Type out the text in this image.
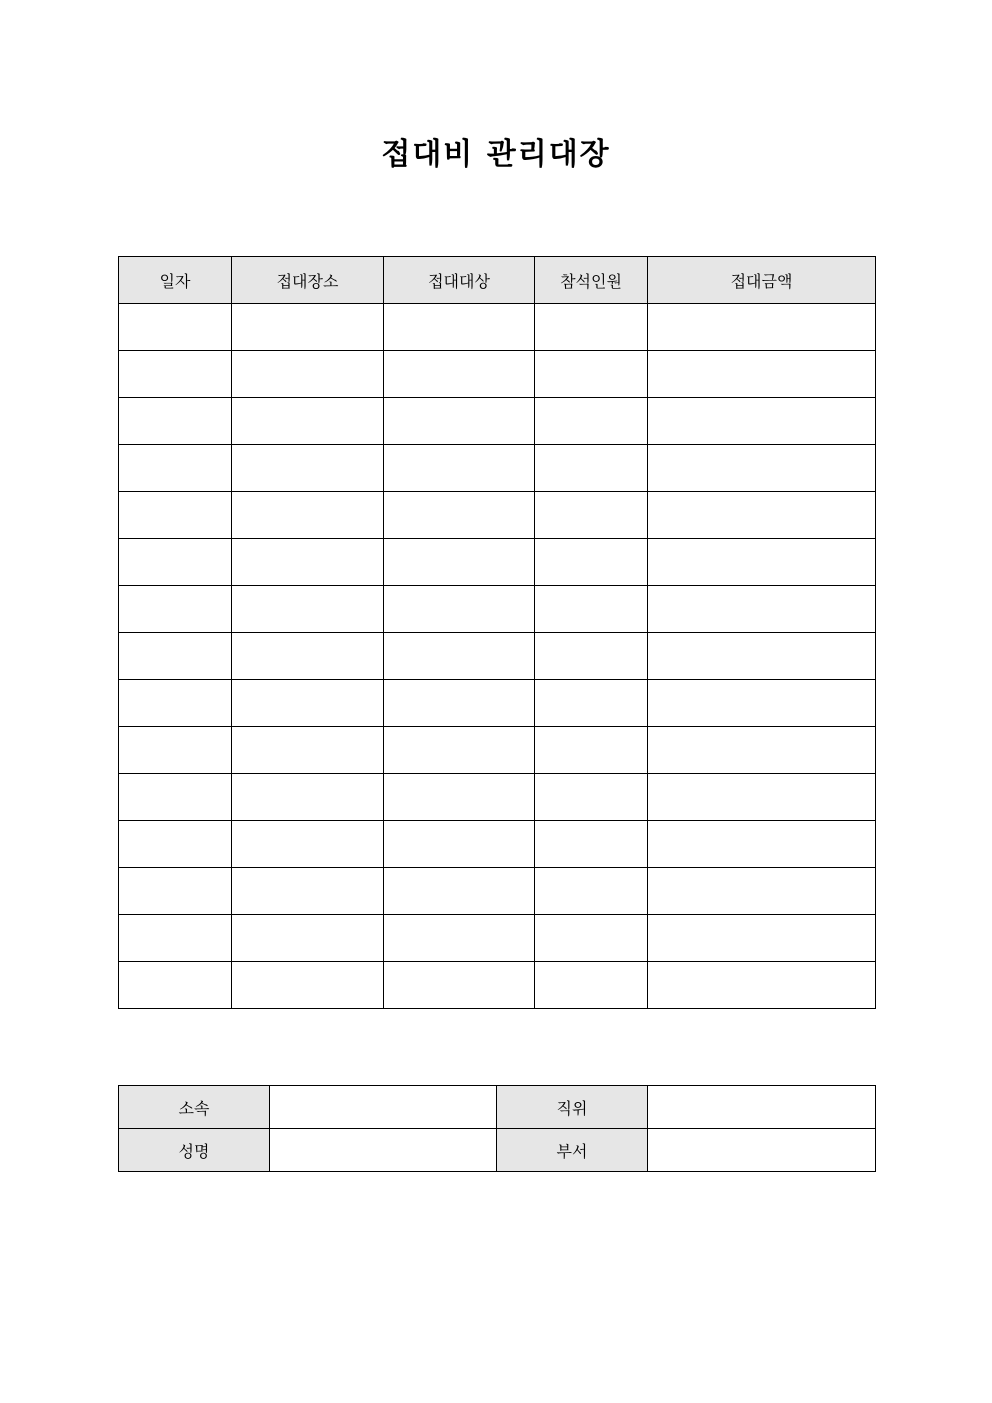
접대비 관리대장
일자	접대장소	접대대상	참석인원	접대금액

소속		직위	
성명		부서	
